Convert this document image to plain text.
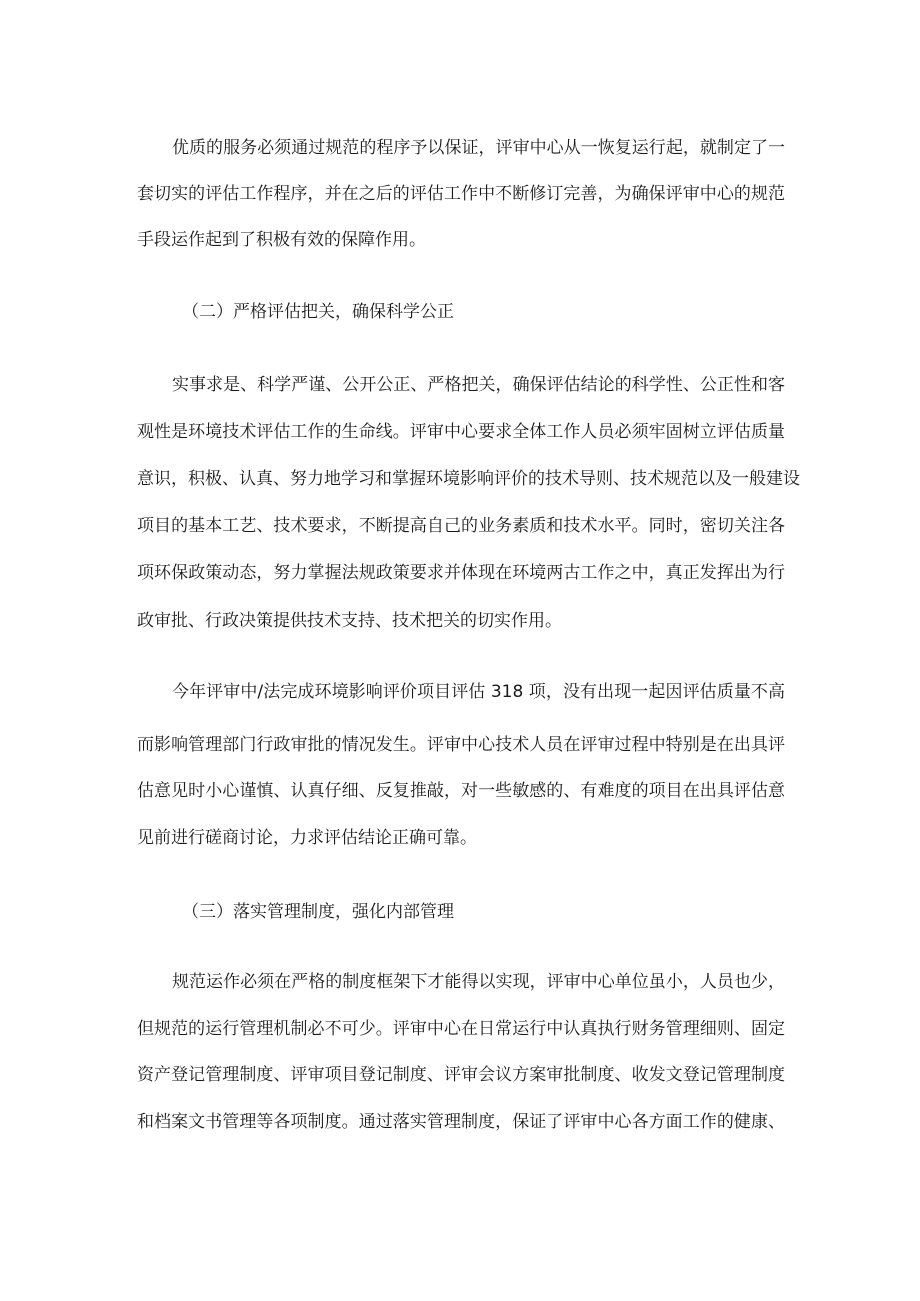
优质的服务必须通过规范的程序予以保证，评审中心从一恢复运行起，就制定了一

套切实的评估工作程序，并在之后的评估工作中不断修订完善，为确保评审中心的规范

手段运作起到了积极有效的保障作用。

（二）严格评估把关，确保科学公正

实事求是、科学严谨、公开公正、严格把关，确保评估结论的科学性、公正性和客

观性是环境技术评估工作的生命线。评审中心要求全体工作人员必须牢固树立评估质量

意识，积极、认真、努力地学习和掌握环境影响评价的技术导则、技术规范以及一般建设

项目的基本工艺、技术要求，不断提高自己的业务素质和技术水平。同时，密切关注各

项环保政策动态，努力掌握法规政策要求并体现在环境两古工作之中，真正发挥出为行

政审批、行政决策提供技术支持、技术把关的切实作用。

今年评审中/法完成环境影响评价项目评估 318 项，没有出现一起因评估质量不高

而影响管理部门行政审批的情况发生。评审中心技术人员在评审过程中特别是在出具评

估意见时小心谨慎、认真仔细、反复推敲，对一些敏感的、有难度的项目在出具评估意

见前进行磋商讨论，力求评估结论正确可靠。

（三）落实管理制度，强化内部管理

规范运作必须在严格的制度框架下才能得以实现，评审中心单位虽小，人员也少，

但规范的运行管理机制必不可少。评审中心在日常运行中认真执行财务管理细则、固定

资产登记管理制度、评审项目登记制度、评审会议方案审批制度、收发文登记管理制度

和档案文书管理等各项制度。通过落实管理制度，保证了评审中心各方面工作的健康、
